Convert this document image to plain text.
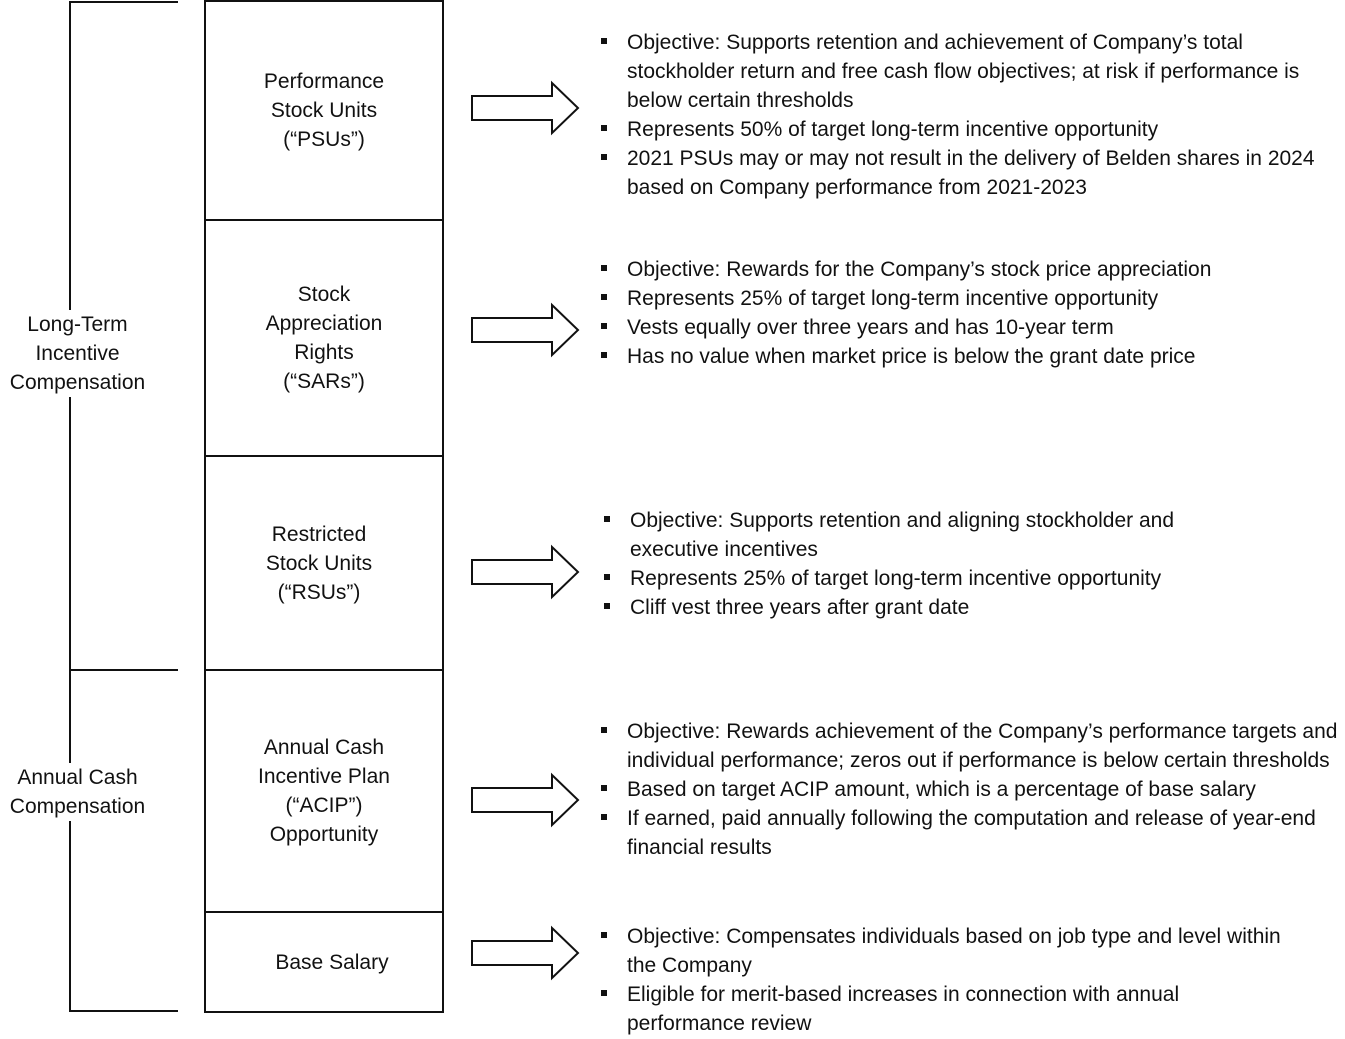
Long-Term
Incentive
Compensation
Annual Cash
Compensation
Performance
Stock Units
(“PSUs”)
Stock
Appreciation
Rights
(“SARs”)
Restricted
Stock Units
(“RSUs”)
Annual Cash
Incentive Plan
(“ACIP”)
Opportunity
Base Salary
Objective: Supports retention and achievement of Company’s total stockholder return and free cash flow objectives; at risk if performance is below certain thresholds
Represents 50% of target long-term incentive opportunity
2021 PSUs may or may not result in the delivery of Belden shares in 2024 based on Company performance from 2021-2023
Objective: Rewards for the Company’s stock price appreciation
Represents 25% of target long-term incentive opportunity
Vests equally over three years and has 10-year term
Has no value when market price is below the grant date price
Objective: Supports retention and aligning stockholder and executive incentives
Represents 25% of target long-term incentive opportunity
Cliff vest three years after grant date
Objective: Rewards achievement of the Company’s performance targets and individual performance; zeros out if performance is below certain thresholds
Based on target ACIP amount, which is a percentage of base salary
If earned, paid annually following the computation and release of year-end financial results
Objective: Compensates individuals based on job type and level within the Company
Eligible for merit-based increases in connection with annual performance review
